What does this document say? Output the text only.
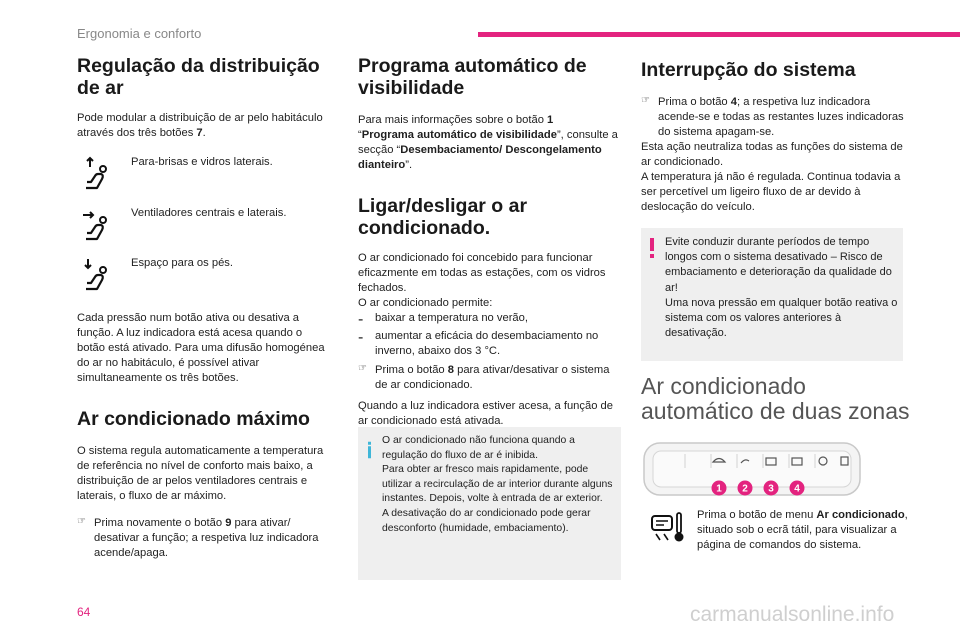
Ergonomia e conforto
Regulação da distribuição de ar

Pode modular a distribuição de ar pelo habitáculo através dos três botões 7.

Para-brisas e vidros laterais.
Ventiladores centrais e laterais.
Espaço para os pés.

Cada pressão num botão ativa ou desativa a função. A luz indicadora está acesa quando o botão está ativado. Para uma difusão homogénea do ar no habitáculo, é possível ativar simultaneamente os três botões.

Ar condicionado máximo

O sistema regula automaticamente a temperatura de referência no nível de conforto mais baixo, a distribuição de ar pelos ventiladores centrais e laterais, o fluxo de ar máximo.

☞ Prima novamente o botão 9 para ativar/ desativar a função; a respetiva luz indicadora acende/apaga.

Programa automático de visibilidade

Para mais informações sobre o botão 1
“Programa automático de visibilidade”, consulte a secção “Desembaciamento/ Descongelamento dianteiro”.

Ligar/desligar o ar condicionado.

O ar condicionado foi concebido para funcionar eficazmente em todas as estações, com os vidros fechados.

O ar condicionado permite:

-	baixar a temperatura no verão,

-	aumentar a eficácia do desembaciamento no inverno, abaixo dos 3 °C.

☞ Prima o botão 8 para ativar/desativar o sistema de ar condicionado.

Quando a luz indicadora estiver acesa, a função de ar condicionado está ativada.

O ar condicionado não funciona quando a regulação do fluxo de ar é inibida.
Para obter ar fresco mais rapidamente, pode utilizar a recirculação de ar interior durante alguns instantes. Depois, volte à entrada de ar exterior.
A desativação do ar condicionado pode gerar desconforto (humidade, embaciamento).
Interrupção do sistema
☞ Prima o botão 4; a respetiva luz indicadora acende-se e todas as restantes luzes indicadoras do sistema apagam-se.

Esta ação neutraliza todas as funções do sistema de ar condicionado.

A temperatura já não é regulada. Continua todavia a ser percetível um ligeiro fluxo de ar devido à deslocação do veículo.

Evite conduzir durante períodos de tempo longos com o sistema desativado – Risco de embaciamento e deterioração da qualidade do ar!
Uma nova pressão em qualquer botão reativa o sistema com os valores anteriores à desativação.
Ar condicionado automático de duas zonas
1 2 3 4

Prima o botão de menu Ar condicionado, situado sob o ecrã tátil, para visualizar a página de comandos do sistema.

64	carmanualsonline.info
